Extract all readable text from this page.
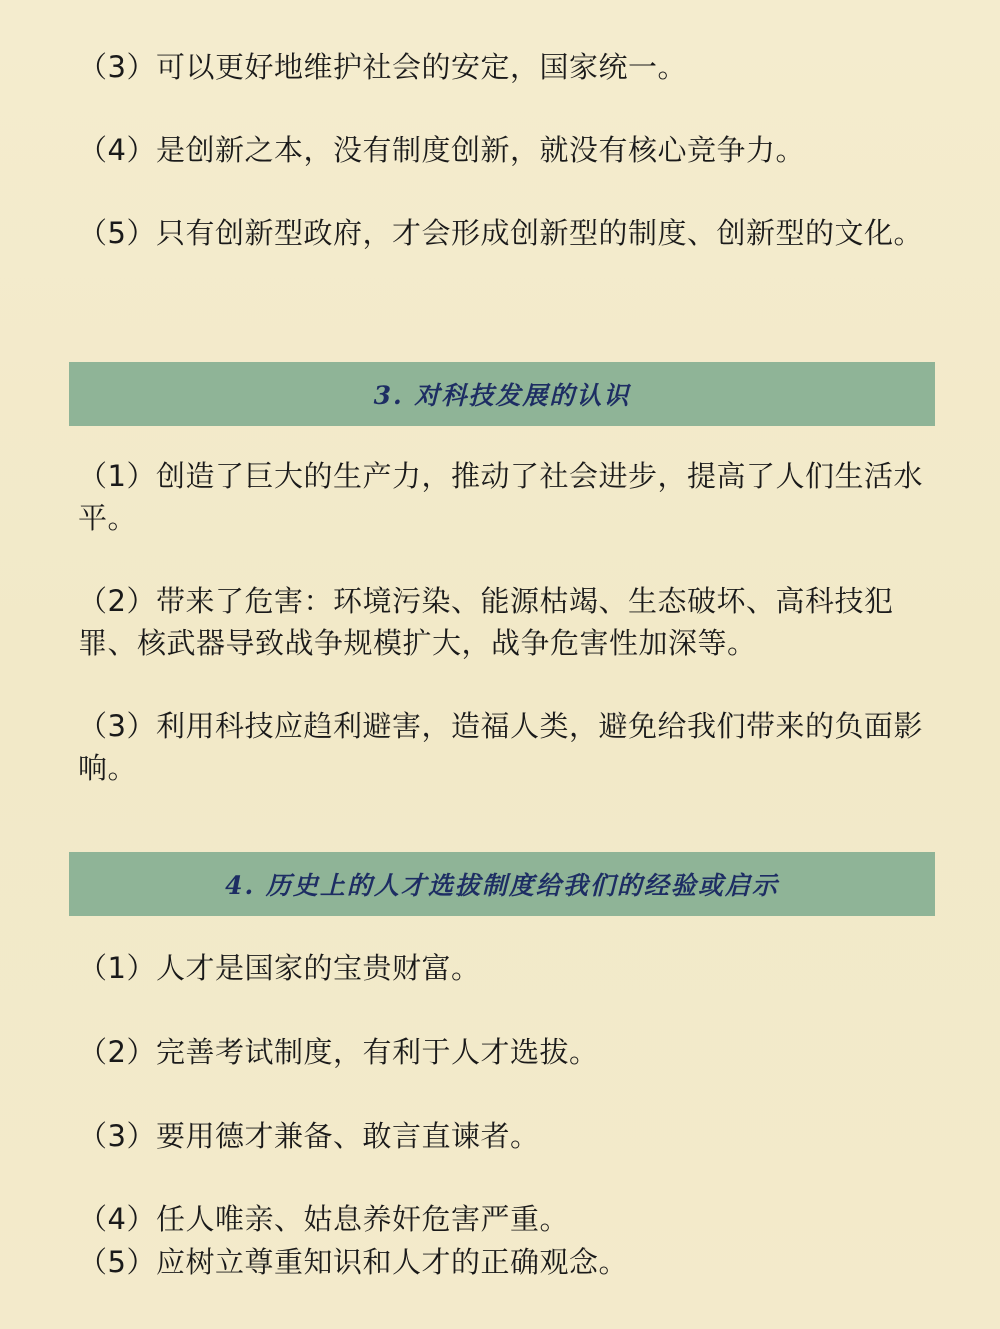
（3）可以更好地维护社会的安定，国家统一。

（4）是创新之本，没有制度创新，就没有核心竞争力。

（5）只有创新型政府，才会形成创新型的制度、创新型的文化。

3. 对科技发展的认识

（1）创造了巨大的生产力，推动了社会进步，提高了人们生活水平。

（2）带来了危害：环境污染、能源枯竭、生态破坏、高科技犯罪、核武器导致战争规模扩大，战争危害性加深等。

（3）利用科技应趋利避害，造福人类，避免给我们带来的负面影响。

4. 历史上的人才选拔制度给我们的经验或启示

（1）人才是国家的宝贵财富。

（2）完善考试制度，有利于人才选拔。

（3）要用德才兼备、敢言直谏者。

（4）任人唯亲、姑息养奸危害严重。

（5）应树立尊重知识和人才的正确观念。
